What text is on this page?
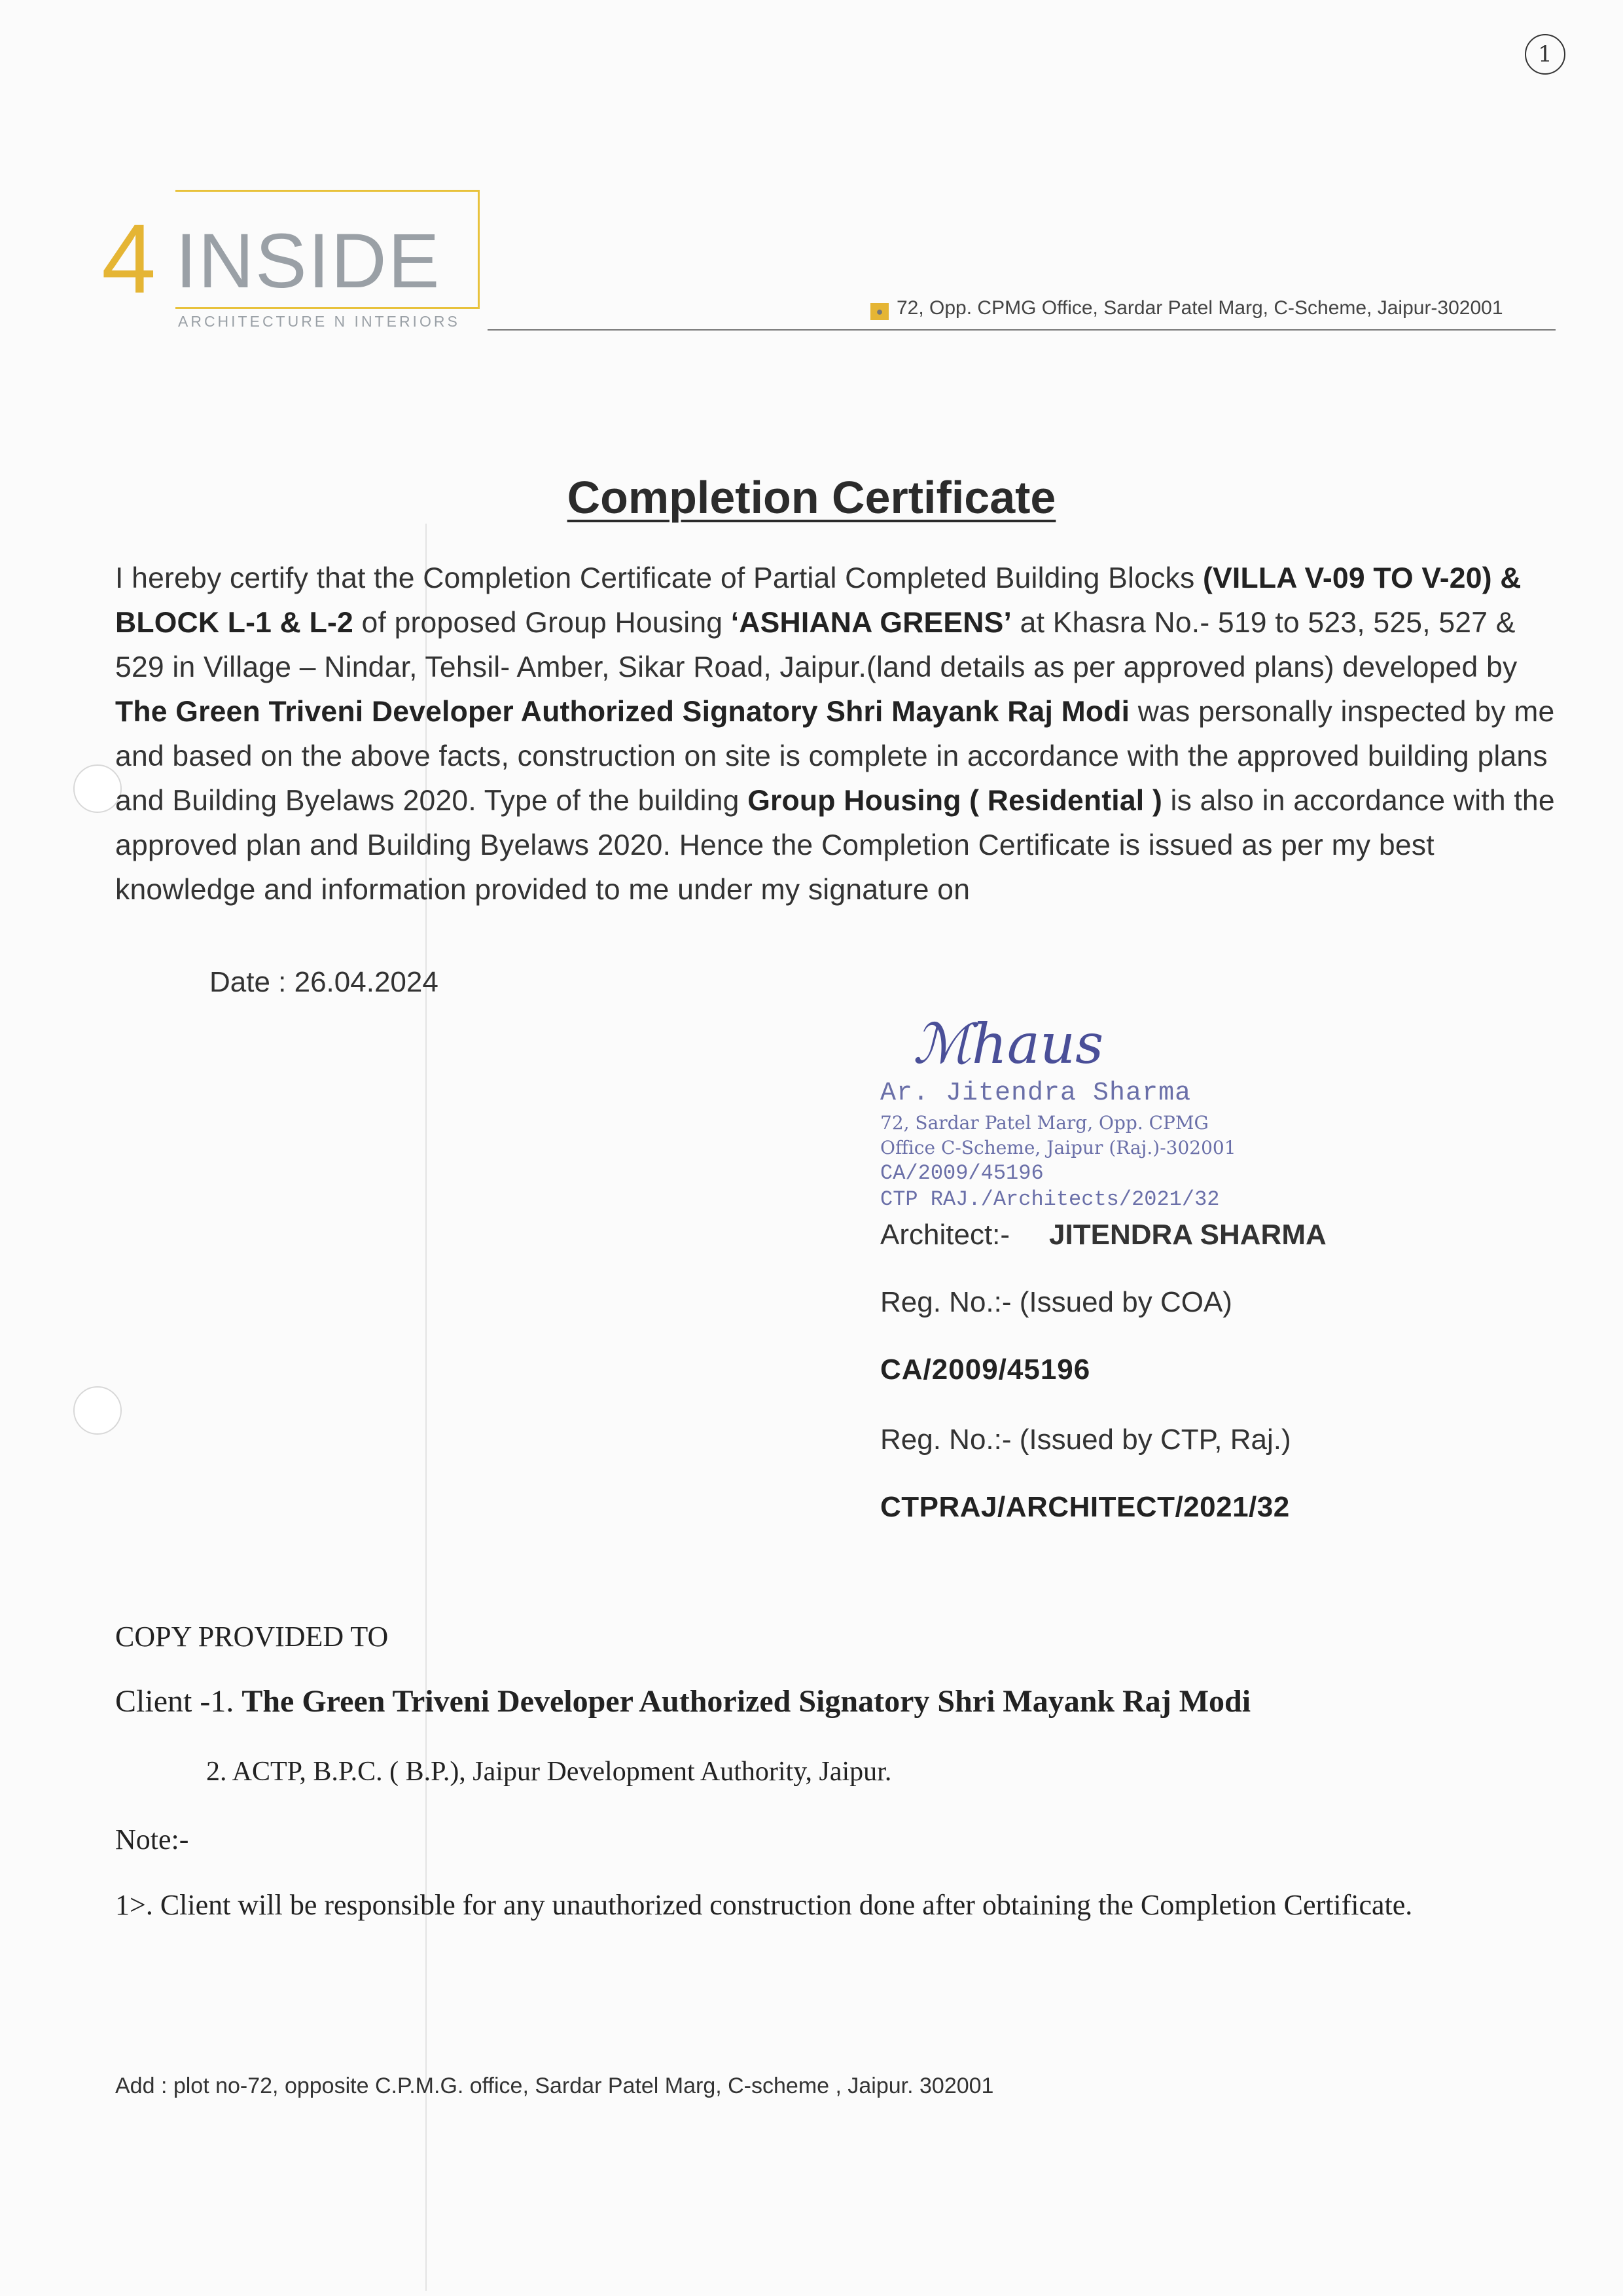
1
4 INSIDE
ARCHITECTURE N INTERIORS
● 72, Opp. CPMG Office, Sardar Patel Marg, C-Scheme, Jaipur-302001
Completion Certificate
I hereby certify that the Completion Certificate of Partial Completed Building Blocks (VILLA V-09 TO V-20) & BLOCK L-1 & L-2 of proposed Group Housing ‘ASHIANA GREENS’ at Khasra No.- 519 to 523, 525, 527 & 529 in Village – Nindar, Tehsil- Amber, Sikar Road, Jaipur.(land details as per approved plans) developed by The Green Triveni Developer Authorized Signatory Shri Mayank Raj Modi was personally inspected by me and based on the above facts, construction on site is complete in accordance with the approved building plans and Building Byelaws 2020. Type of the building Group Housing ( Residential ) is also in accordance with the approved plan and Building Byelaws 2020. Hence the Completion Certificate is issued as per my best knowledge and information provided to me under my signature on
Date : 26.04.2024
ℳhaus
Ar. Jitendra Sharma
72, Sardar Patel Marg, Opp. CPMG
Office C-Scheme, Jaipur (Raj.)-302001
CA/2009/45196
CTP RAJ./Architects/2021/32
Architect:- JITENDRA SHARMA
Reg. No.:- (Issued by COA)
CA/2009/45196
Reg. No.:- (Issued by CTP, Raj.)
CTPRAJ/ARCHITECT/2021/32
COPY PROVIDED TO
Client -1. The Green Triveni Developer Authorized Signatory Shri Mayank Raj Modi
2. ACTP, B.P.C. ( B.P.), Jaipur Development Authority, Jaipur.
Note:-
1>. Client will be responsible for any unauthorized construction done after obtaining the Completion Certificate.
Add : plot no-72, opposite C.P.M.G. office, Sardar Patel Marg, C-scheme , Jaipur. 302001
